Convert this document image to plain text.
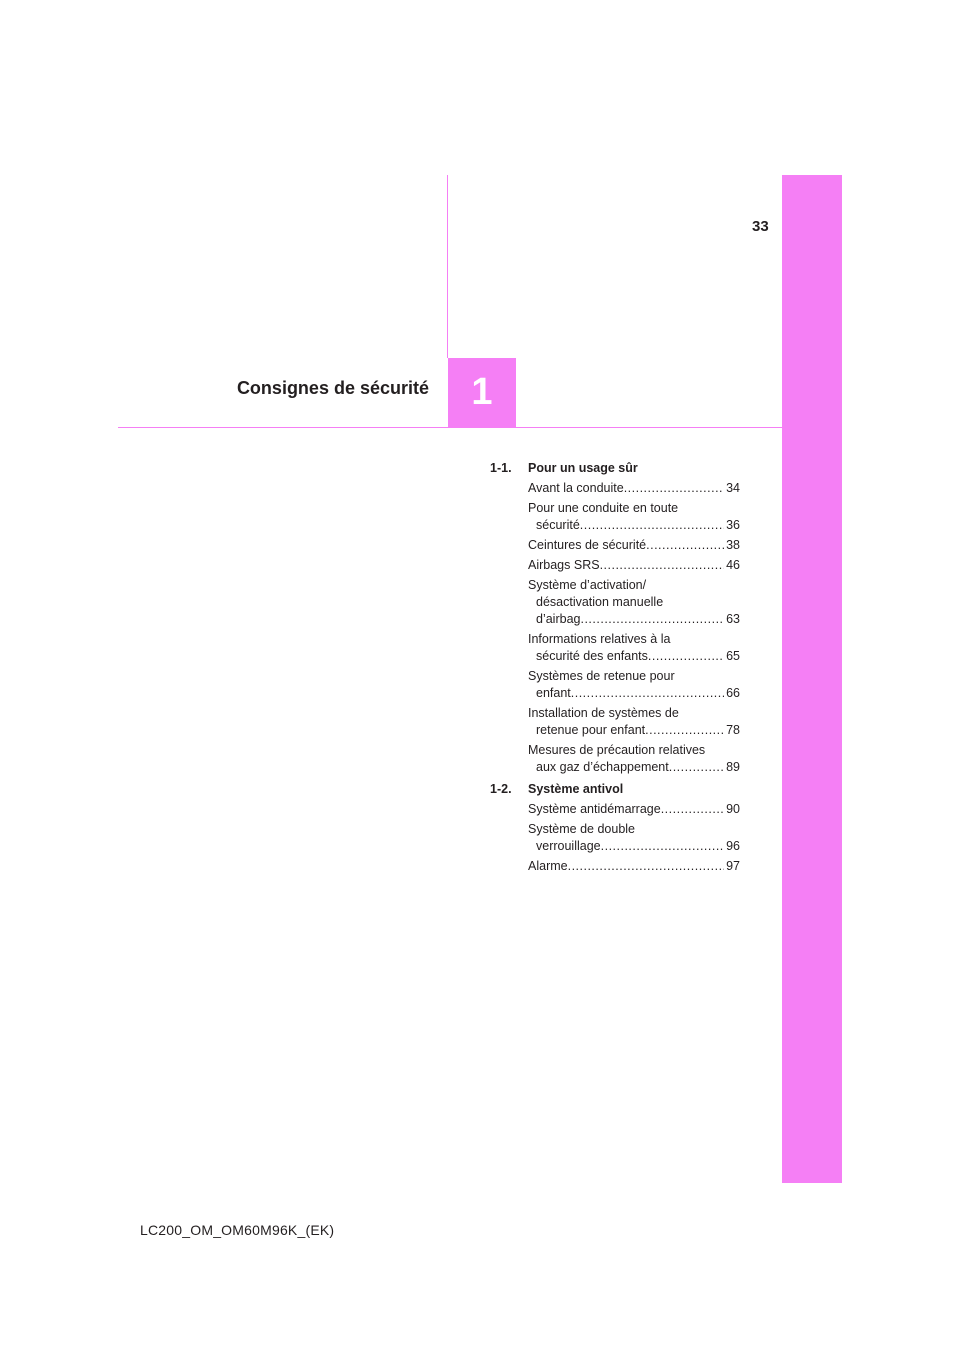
1
Consignes de sécurité
33
1-1.	Pour un usage sûr
Avant la conduite .....	34
Pour une conduite en toute
sécurité .....	36
Ceintures de sécurité .....	38
Airbags SRS .....	46
Système d’activation/
désactivation manuelle
d’airbag .....	63
Informations relatives à la
sécurité des enfants .....	65
Systèmes de retenue pour
enfant .....	66
Installation de systèmes de
retenue pour enfant .....	78
Mesures de précaution relatives
aux gaz d’échappement .....	89
1-2.	Système antivol
Système antidémarrage .....	90
Système de double
verrouillage .....	96
Alarme .....	97
LC200_OM_OM60M96K_(EK)
